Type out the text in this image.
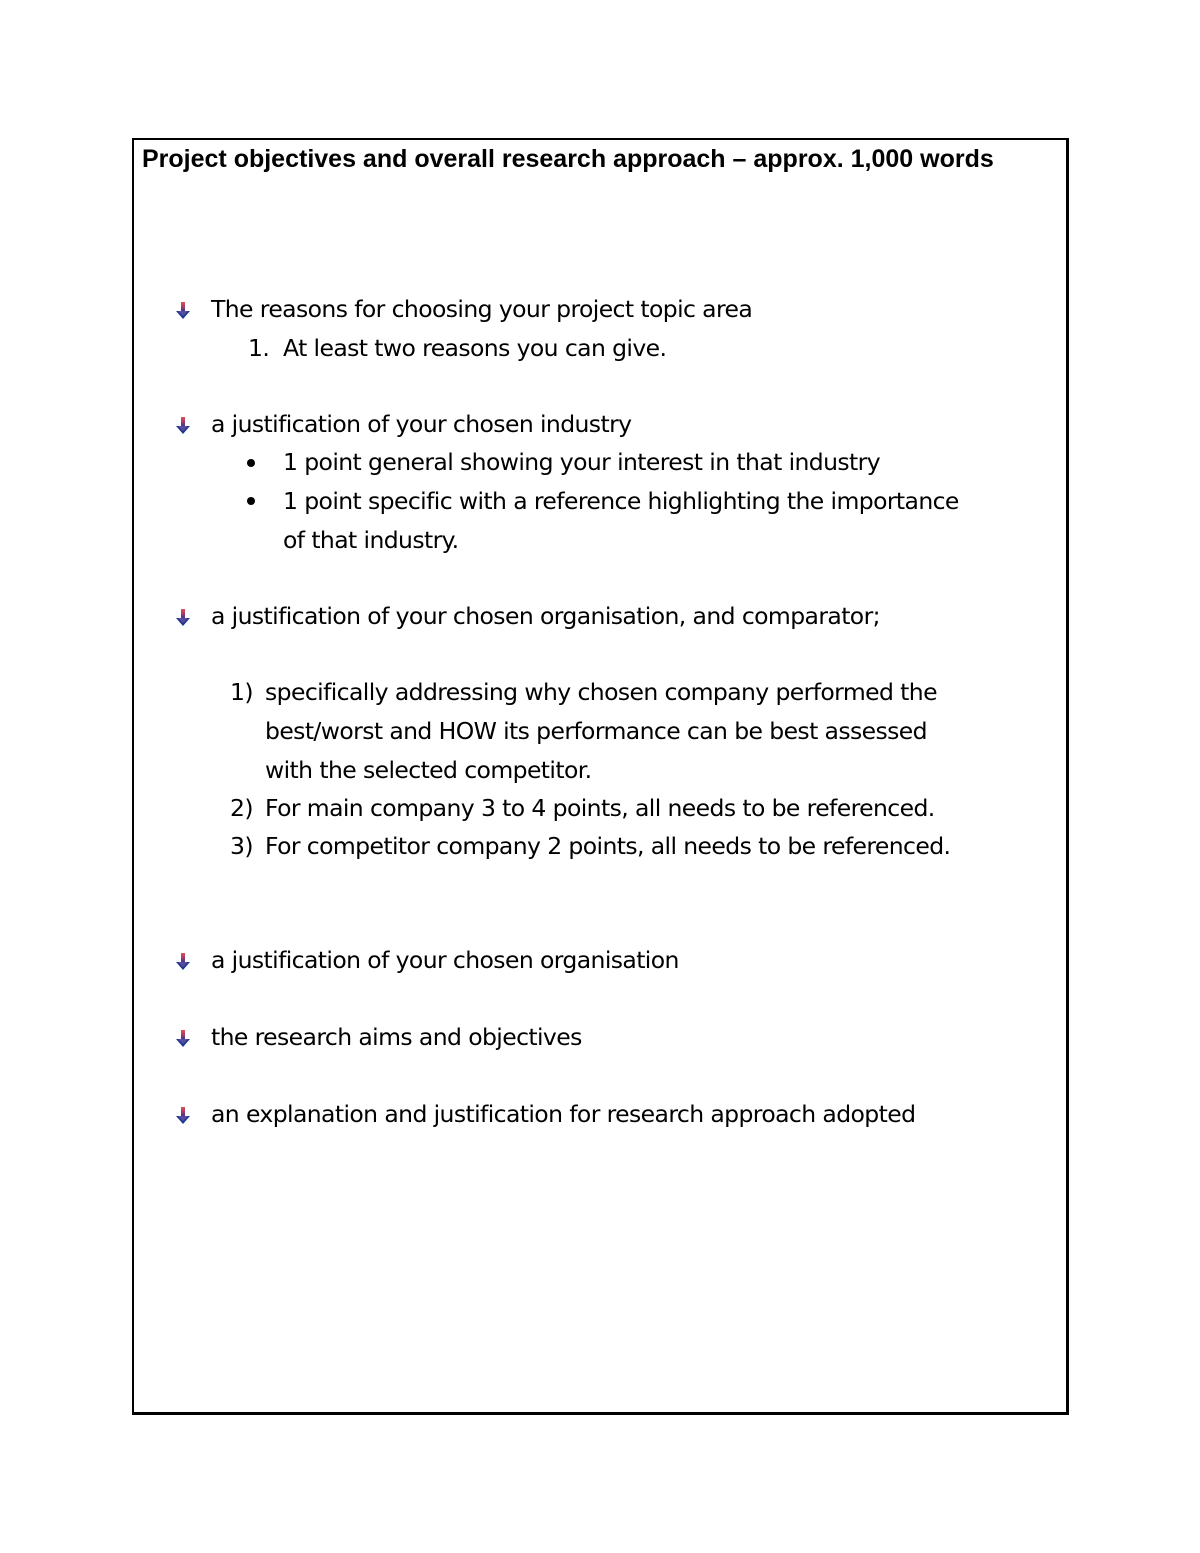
Project objectives and overall research approach – approx. 1,000 words
The reasons for choosing your project topic area
1. At least two reasons you can give.
a justification of your chosen industry
1 point general showing your interest in that industry
1 point specific with a reference highlighting the importance
of that industry.
a justification of your chosen organisation, and comparator;
1) specifically addressing why chosen company performed the
best/worst and HOW its performance can be best assessed
with the selected competitor.
2) For main company 3 to 4 points, all needs to be referenced.
3) For competitor company 2 points, all needs to be referenced.
a justification of your chosen organisation
the research aims and objectives
an explanation and justification for research approach adopted
